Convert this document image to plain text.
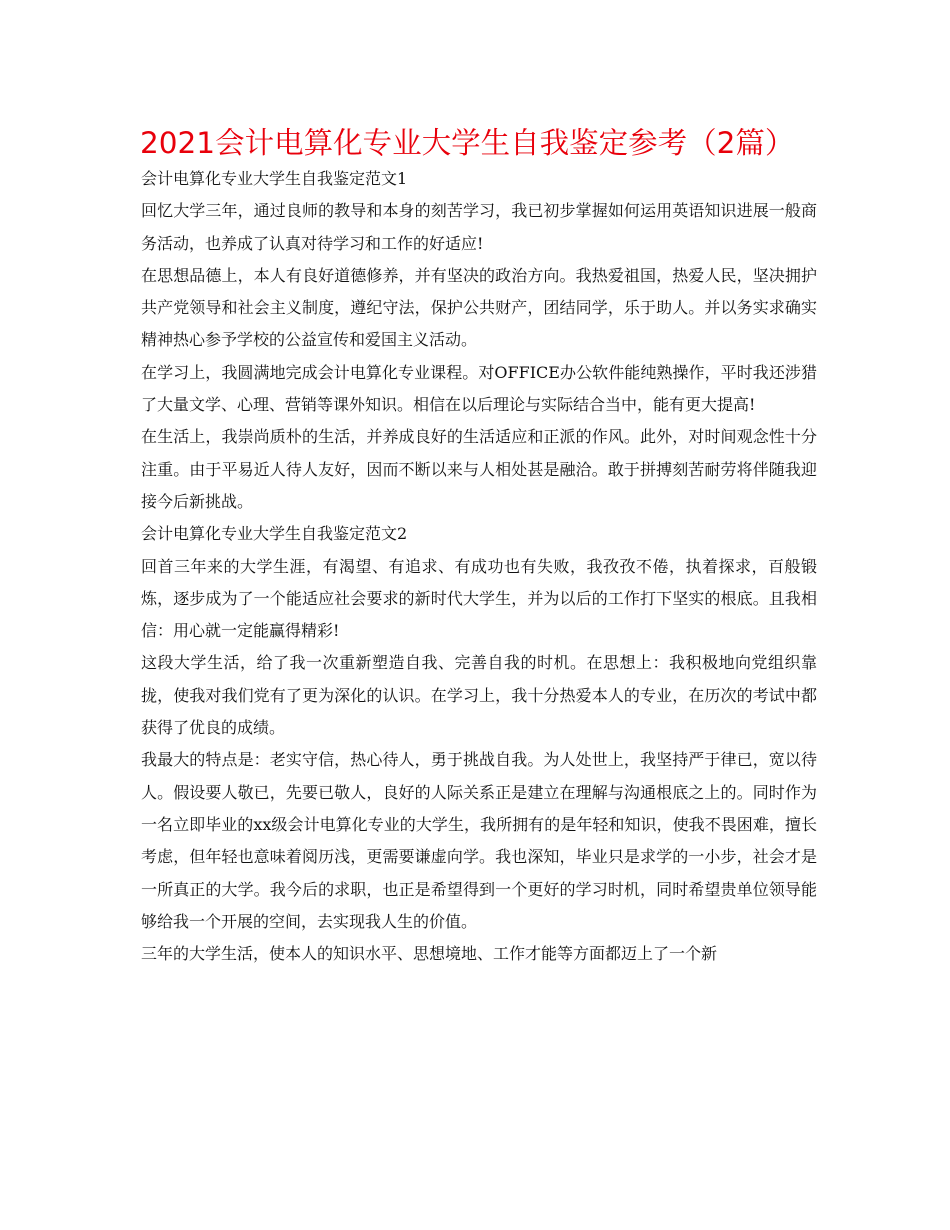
2021会计电算化专业大学生自我鉴定参考（2篇）

会计电算化专业大学生自我鉴定范文1

回忆大学三年，通过良师的教导和本身的刻苦学习，我已初步掌握如何运用英语知识进展一般商务活动，也养成了认真对待学习和工作的好适应!

在思想品德上，本人有良好道德修养，并有坚决的政治方向。我热爱祖国，热爱人民，坚决拥护共产党领导和社会主义制度，遵纪守法，保护公共财产，团结同学，乐于助人。并以务实求确实精神热心参予学校的公益宣传和爱国主义活动。

在学习上，我圆满地完成会计电算化专业课程。对OFFICE办公软件能纯熟操作，平时我还涉猎了大量文学、心理、营销等课外知识。相信在以后理论与实际结合当中，能有更大提高!

在生活上，我崇尚质朴的生活，并养成良好的生活适应和正派的作风。此外，对时间观念性十分注重。由于平易近人待人友好，因而不断以来与人相处甚是融洽。敢于拼搏刻苦耐劳将伴随我迎接今后新挑战。

会计电算化专业大学生自我鉴定范文2

回首三年来的大学生涯，有渴望、有追求、有成功也有失败，我孜孜不倦，执着探求，百般锻炼，逐步成为了一个能适应社会要求的新时代大学生，并为以后的工作打下坚实的根底。且我相信：用心就一定能赢得精彩!

这段大学生活，给了我一次重新塑造自我、完善自我的时机。在思想上：我积极地向党组织靠拢，使我对我们党有了更为深化的认识。在学习上，我十分热爱本人的专业，在历次的考试中都获得了优良的成绩。

我最大的特点是：老实守信，热心待人，勇于挑战自我。为人处世上，我坚持严于律已，宽以待人。假设要人敬已，先要已敬人，良好的人际关系正是建立在理解与沟通根底之上的。同时作为一名立即毕业的xx级会计电算化专业的大学生，我所拥有的是年轻和知识，使我不畏困难，擅长考虑，但年轻也意味着阅历浅，更需要谦虚向学。我也深知，毕业只是求学的一小步，社会才是一所真正的大学。我今后的求职，也正是希望得到一个更好的学习时机，同时希望贵单位领导能够给我一个开展的空间，去实现我人生的价值。

三年的大学生活，使本人的知识水平、思想境地、工作才能等方面都迈上了一个新
